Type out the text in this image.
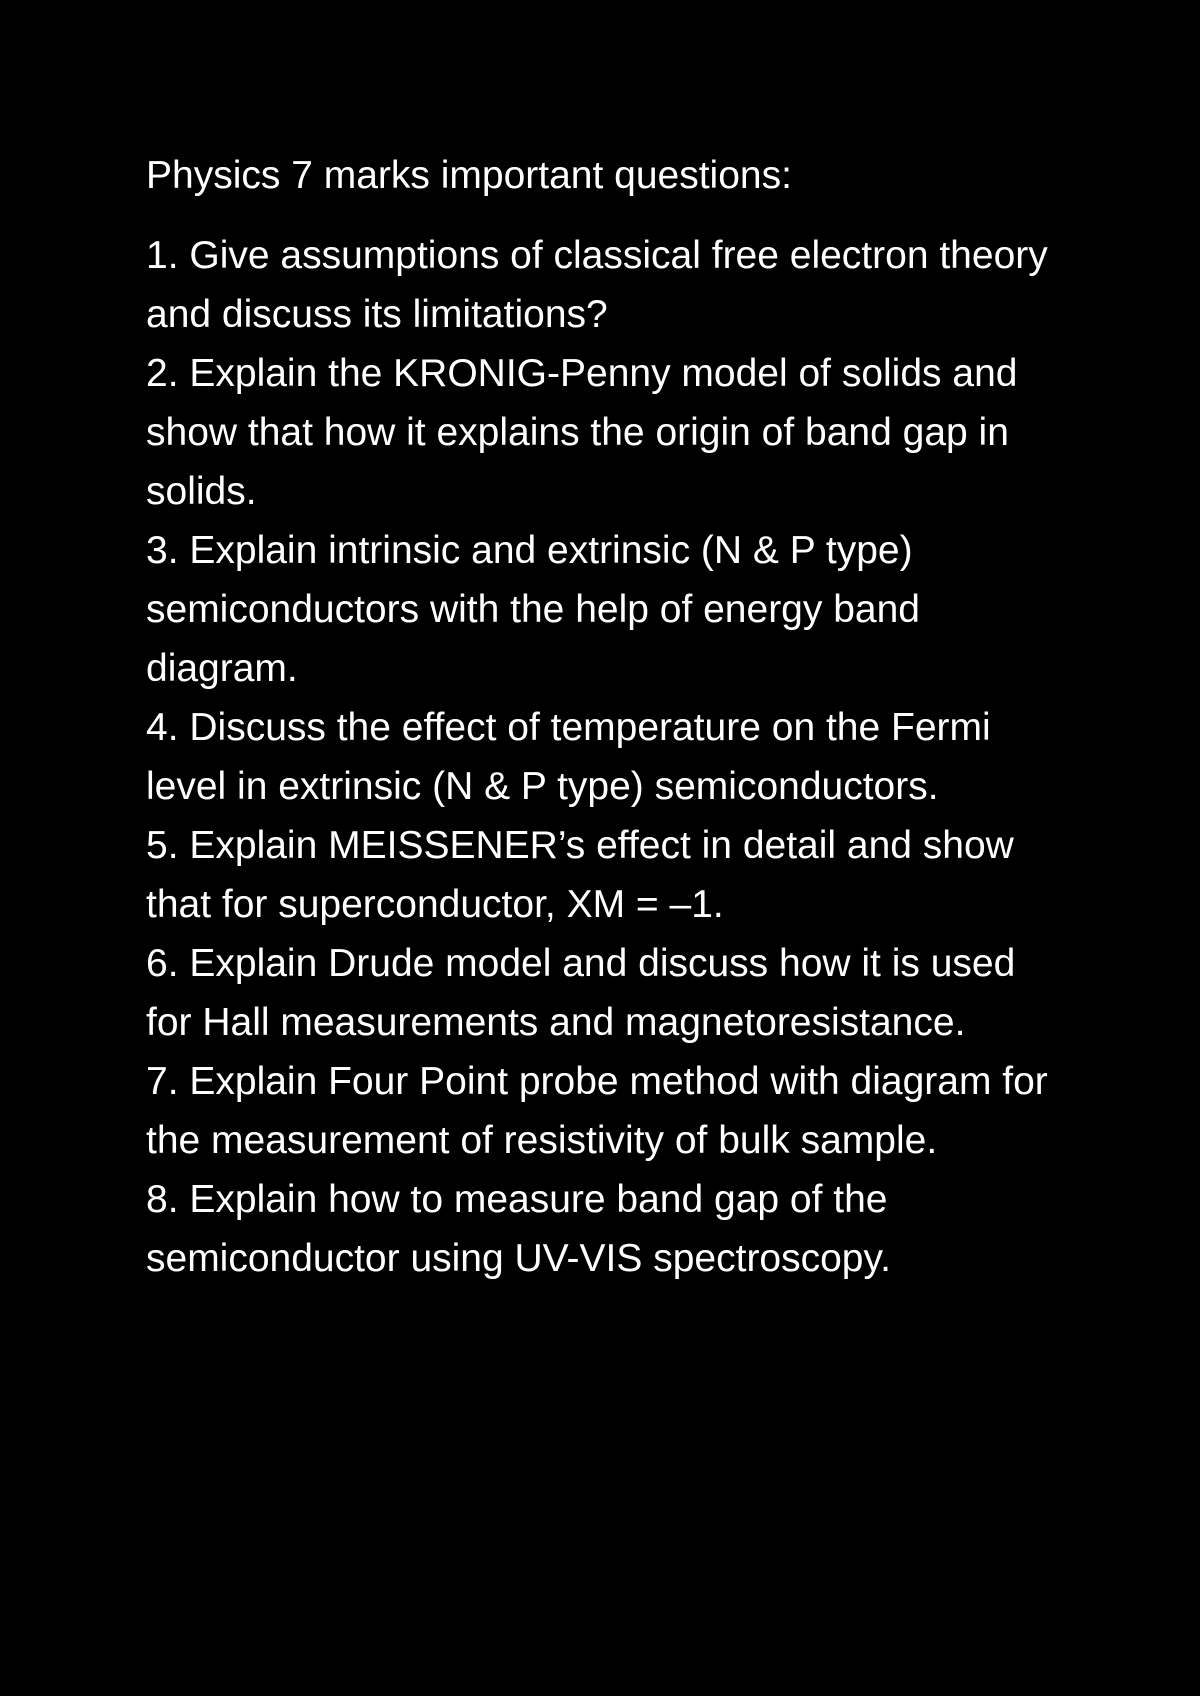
Physics 7 marks important questions:

1. Give assumptions of classical free electron theory and discuss its limitations?
2. Explain the KRONIG-Penny model of solids and show that how it explains the origin of band gap in solids.
3. Explain intrinsic and extrinsic (N & P type) semiconductors with the help of energy band diagram.
4. Discuss the effect of temperature on the Fermi level in extrinsic (N & P type) semiconductors.
5. Explain MEISSENER’s effect in detail and show that for superconductor, XM = –1.
6. Explain Drude model and discuss how it is used for Hall measurements and magnetoresistance.
7. Explain Four Point probe method with diagram for the measurement of resistivity of bulk sample.
8. Explain how to measure band gap of the semiconductor using UV-VIS spectroscopy.
